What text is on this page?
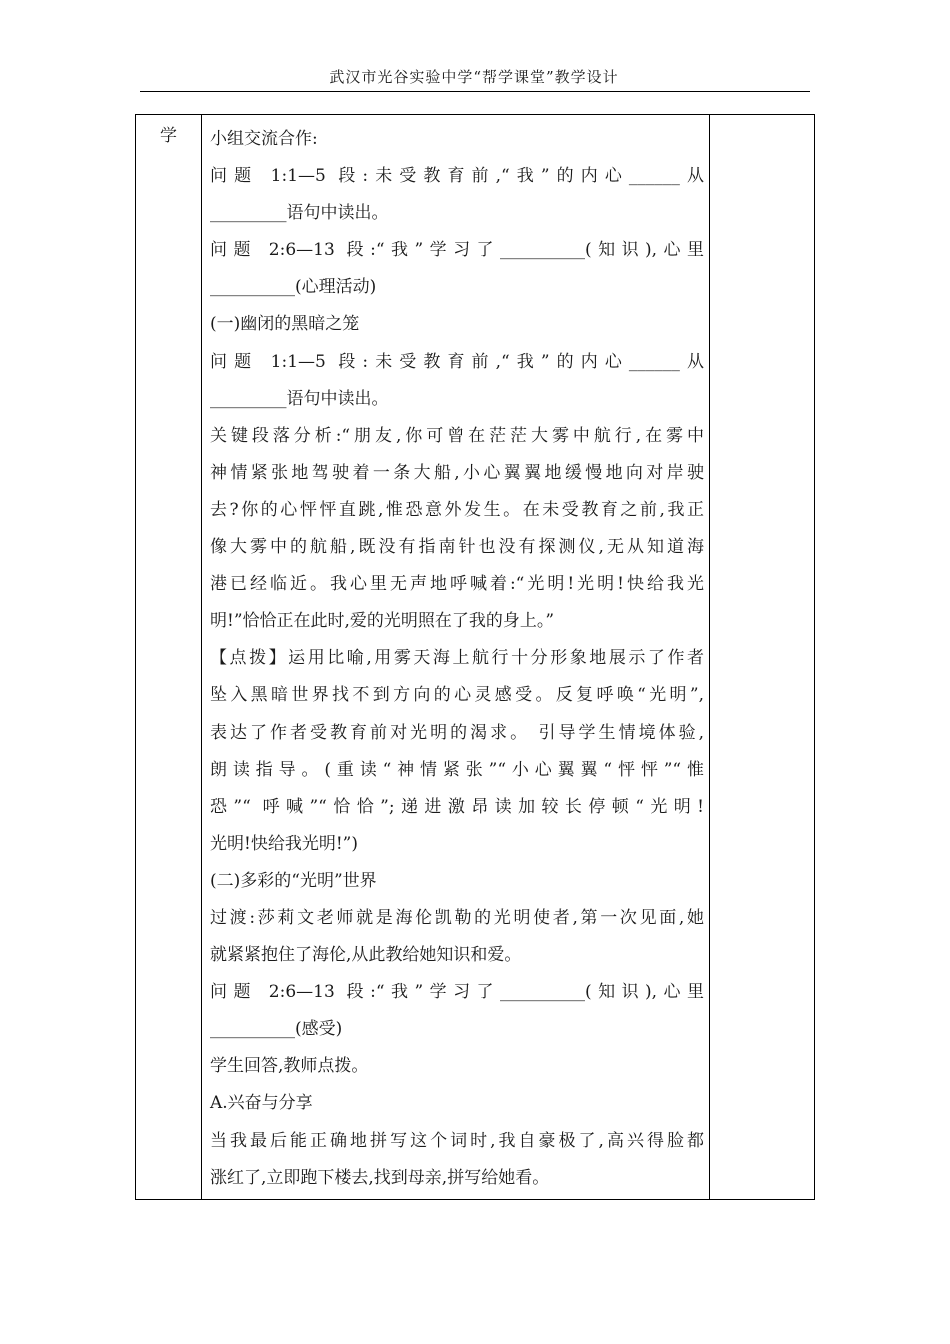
武汉市光谷实验中学“帮学课堂”教学设计
学	小组交流合作:
问题 1:1—5 段:未受教育前,“我”的内心______从
_________语句中读出。
问题 2:6—13 段:“我”学习了__________(知识),心里
__________(心理活动)
(一)幽闭的黑暗之笼
问题 1:1—5 段:未受教育前,“我”的内心______从
_________语句中读出。
关键段落分析:“朋友,你可曾在茫茫大雾中航行,在雾中
神情紧张地驾驶着一条大船,小心翼翼地缓慢地向对岸驶
去?你的心怦怦直跳,惟恐意外发生。在未受教育之前,我正
像大雾中的航船,既没有指南针也没有探测仪,无从知道海
港已经临近。我心里无声地呼喊着:“光明!光明!快给我光
明!”恰恰正在此时,爱的光明照在了我的身上。”
【点拨】运用比喻,用雾天海上航行十分形象地展示了作者
坠入黑暗世界找不到方向的心灵感受。反复呼唤“光明”,
表达了作者受教育前对光明的渴求。 引导学生情境体验,
朗读指导。(重读“神情紧张”“小心翼翼“怦怦”“惟
恐”“ 呼喊”“恰恰”;递进激昂读加较长停顿“光明!
光明!快给我光明!”)
(二)多彩的“光明”世界
过渡:莎莉文老师就是海伦凯勒的光明使者,第一次见面,她
就紧紧抱住了海伦,从此教给她知识和爱。
问题 2:6—13 段:“我”学习了__________(知识),心里
__________(感受)
学生回答,教师点拨。
A.兴奋与分享
当我最后能正确地拼写这个词时,我自豪极了,高兴得脸都
涨红了,立即跑下楼去,找到母亲,拼写给她看。
